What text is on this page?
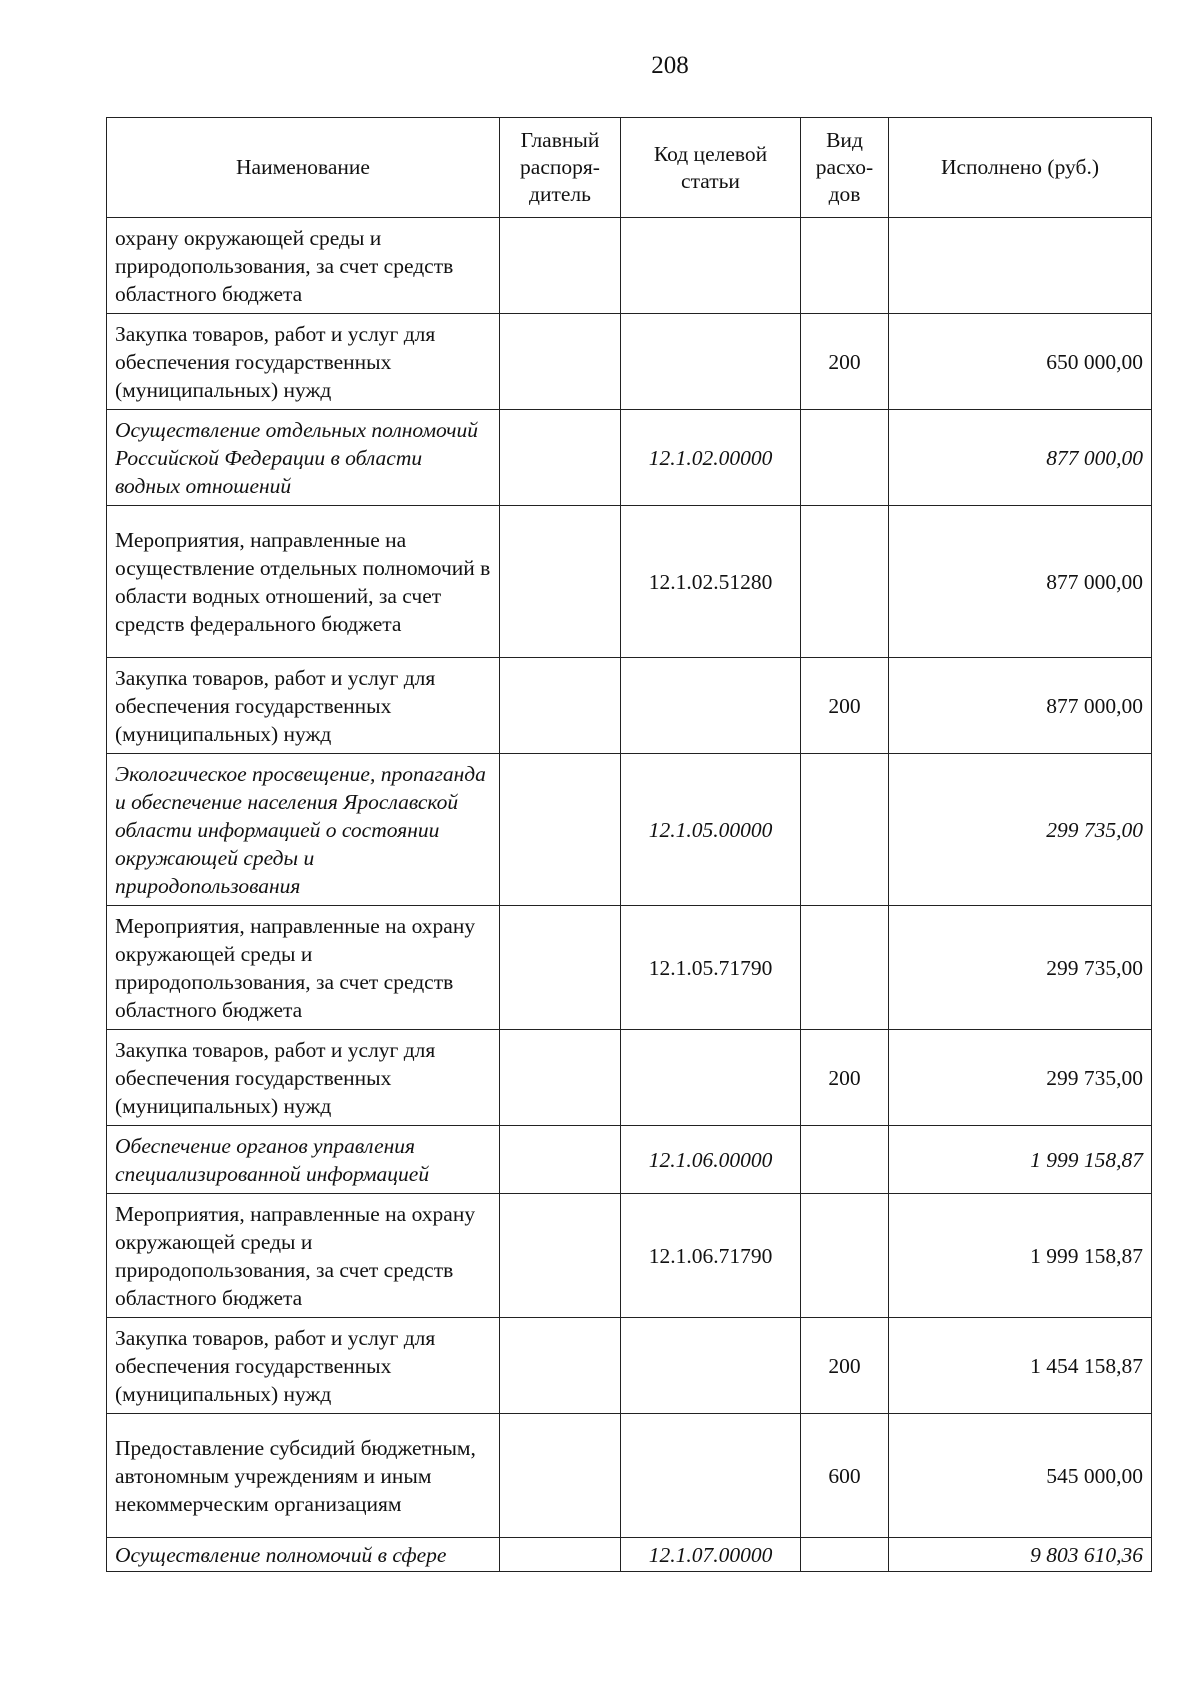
208
Наименование	Главный распоря-дитель	Код целевой статьи	Вид расхо-дов	Исполнено (руб.)
охрану окружающей среды и природопользования, за счет средств областного бюджета				
Закупка товаров, работ и услуг для обеспечения государственных (муниципальных) нужд			200	650 000,00
Осуществление отдельных полномочий Российской Федерации в области водных отношений		12.1.02.00000		877 000,00
Мероприятия, направленные на осуществление отдельных полномочий в области водных отношений, за счет средств федерального бюджета		12.1.02.51280		877 000,00
Закупка товаров, работ и услуг для обеспечения государственных (муниципальных) нужд			200	877 000,00
Экологическое просвещение, пропаганда и обеспечение населения Ярославской области информацией о состоянии окружающей среды и природопользования		12.1.05.00000		299 735,00
Мероприятия, направленные на охрану окружающей среды и природопользования, за счет средств областного бюджета		12.1.05.71790		299 735,00
Закупка товаров, работ и услуг для обеспечения государственных (муниципальных) нужд			200	299 735,00
Обеспечение органов управления специализированной информацией		12.1.06.00000		1 999 158,87
Мероприятия, направленные на охрану окружающей среды и природопользования, за счет средств областного бюджета		12.1.06.71790		1 999 158,87
Закупка товаров, работ и услуг для обеспечения государственных (муниципальных) нужд			200	1 454 158,87
Предоставление субсидий бюджетным, автономным учреждениям и иным некоммерческим организациям			600	545 000,00
Осуществление полномочий в сфере		12.1.07.00000		9 803 610,36
